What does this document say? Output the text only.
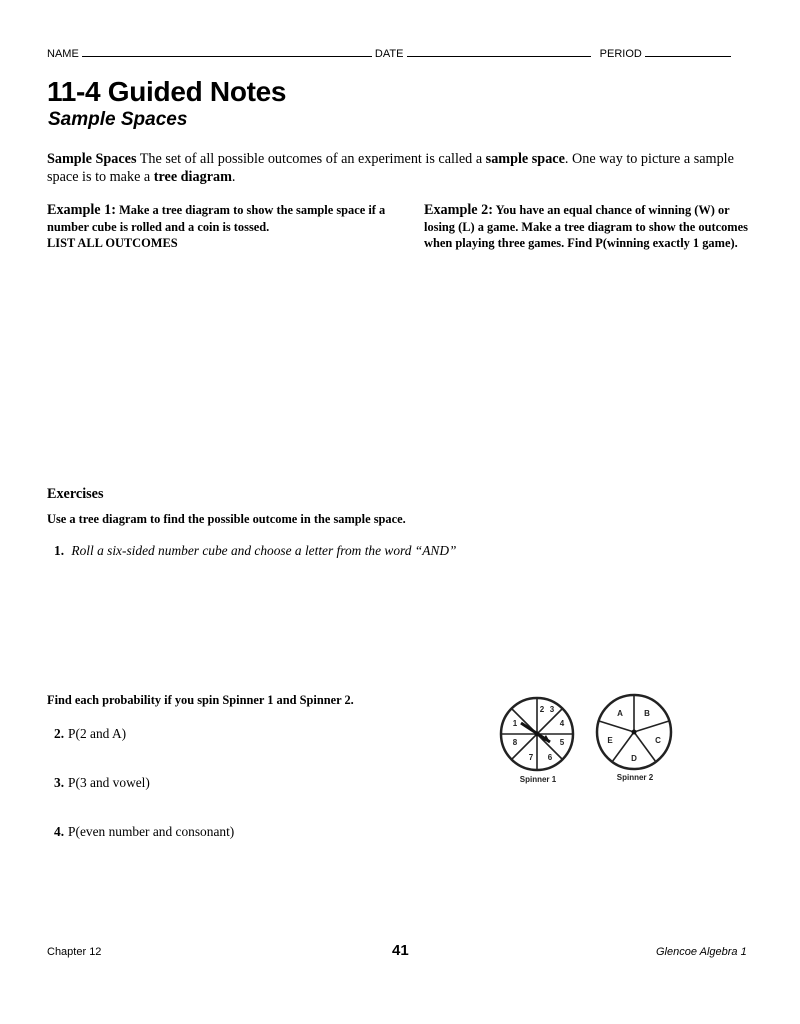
NAME	DATE	PERIOD
11-4 Guided Notes
Sample Spaces
Sample Spaces The set of all possible outcomes of an experiment is called a sample space. One way to picture a sample space is to make a tree diagram.
Example 1: Make a tree diagram to show the sample space if a number cube is rolled and a coin is tossed.
LIST ALL OUTCOMES
Example 2: You have an equal chance of winning (W) or losing (L) a game. Make a tree diagram to show the outcomes when playing three games. Find P(winning exactly 1 game).
Exercises
Use a tree diagram to find the possible outcome in the sample space.
1. Roll a six-sided number cube and choose a letter from the word “AND”
Find each probability if you spin Spinner 1 and Spinner 2.
2. P(2 and A)
3. P(3 and vowel)
4. P(even number and consonant)
2 3
4
5
6
7
8
1
Spinner 1
A	B
C
D
E
Spinner 2
Chapter 12	41	Glencoe Algebra 1
